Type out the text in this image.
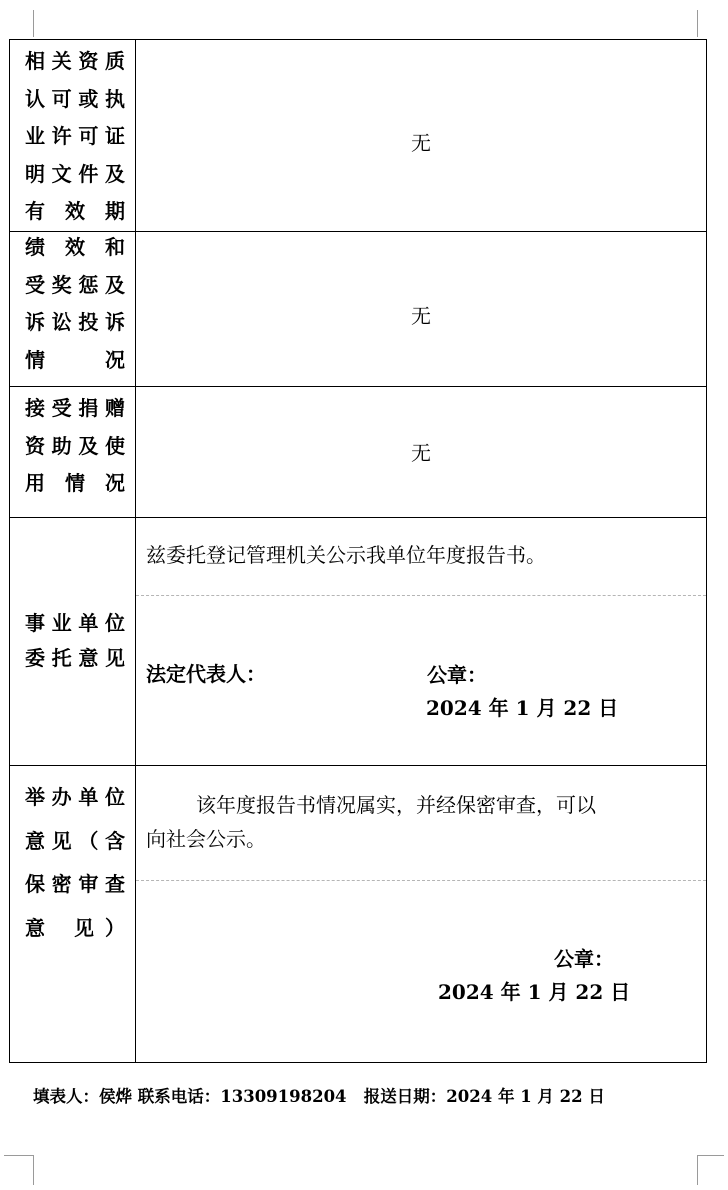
相关资质
认可或执
业许可证
明文件及
有 效 期
无
绩 效 和
受奖惩及
诉讼投诉
情 况
无
接受捐赠
资助及使
用 情 况
无
事业单位
委托意见
兹委托登记管理机关公示我单位年度报告书。
法定代表人：	公章：
2024 年 1 月 22 日
举办单位
意见（含
保密审查
意 见）
该年度报告书情况属实，并经保密审查，可以
向社会公示。
公章：
2024 年 1 月 22 日
填表人：侯烨 联系电话：13309198204 报送日期：2024 年 1 月 22 日
